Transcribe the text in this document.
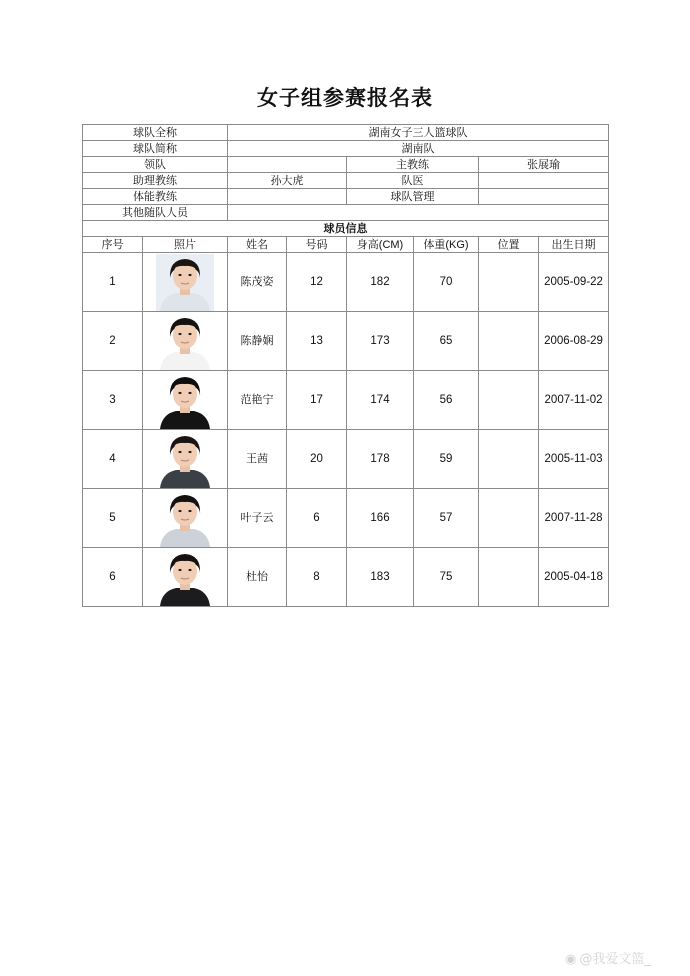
女子组参赛报名表
球队全称		湖南女子三人篮球队					
球队简称		湖南队					
领队				主教练		张展瑜	
助理教练		孙大虎		队医			
体能教练				球队管理			
其他随队人员							
球员信息							
序号	照片	姓名	号码	身高(CM)	体重(KG)	位置	出生日期
1		陈茂姿	12	182	70		2005-09-22
2		陈静娴	13	173	65		2006-08-29
3		范艳宁	17	174	56		2007-11-02
4		王茜	20	178	59		2005-11-03
5		叶子云	6	166	57		2007-11-28
6		杜怡	8	183	75		2005-04-18
◉ @我爱文篮_
